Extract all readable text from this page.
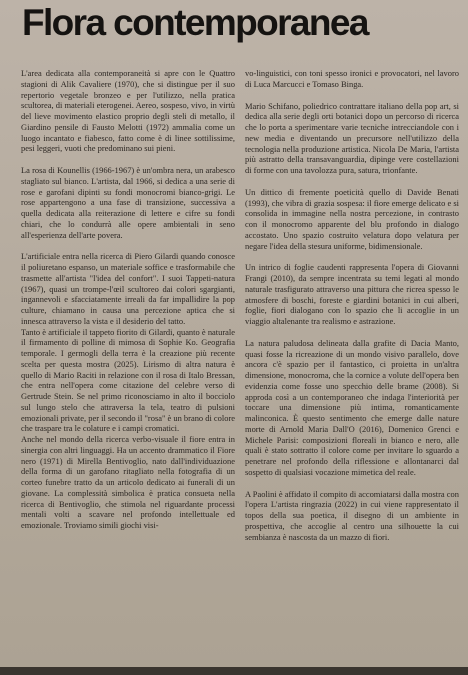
Flora contemporanea

L'area dedicata alla contemporaneità si apre con le Quattro stagioni di Alik Cavaliere (1970), che si distingue per il suo repertorio vegetale bronzeo e per l'utilizzo, nella pratica scultorea, di materiali eterogenei. Aereo, sospeso, vivo, in virtù del lieve movimento elastico proprio degli steli di metallo, il Giardino pensile di Fausto Melotti (1972) ammalia come un luogo incantato e fiabesco, fatto come è di linee sottilissime, pesi leggeri, vuoti che predominano sui pieni.

La rosa di Kounellis (1966-1967) è un'ombra nera, un arabesco stagliato sul bianco. L'artista, dal 1966, si dedica a una serie di rose e garofani dipinti su fondi monocromi bianco-grigi. Le rose appartengono a una fase di transizione, successiva a quella dedicata alla reiterazione di lettere e cifre su fondi chiari, che lo condurrà alle opere ambientali in seno all'esperienza dell'arte povera.

L'artificiale entra nella ricerca di Piero Gilardi quando conosce il poliuretano espanso, un materiale soffice e trasformabile che trasmette all'artista "l'idea del confort". I suoi Tappeti-natura (1967), quasi un trompe-l'œil scultoreo dai colori sgargianti, ingannevoli e sfacciatamente irreali da far impallidire la pop culture, chiamano in causa una percezione aptica che si innesca attraverso la vista e il desiderio del tatto.

Tanto è artificiale il tappeto fiorito di Gilardi, quanto è naturale il firmamento di polline di mimosa di Sophie Ko. Geografia temporale. I germogli della terra è la creazione più recente scelta per questa mostra (2025). Lirismo di altra natura è quello di Mario Raciti in relazione con il rosa di Italo Bressan, che entra nell'opera come citazione del celebre verso di Gertrude Stein. Se nel primo riconosciamo in alto il bocciolo sul lungo stelo che attraversa la tela, teatro di pulsioni emozionali private, per il secondo il "rosa" è un brano di colore che traspare tra le colature e i campi cromatici.

Anche nel mondo della ricerca verbo-visuale il fiore entra in sinergia con altri linguaggi. Ha un accento drammatico il Fiore nero (1971) di Mirella Bentivoglio, nato dall'individuazione della forma di un garofano ritagliato nella fotografia di un corteo funebre tratto da un articolo dedicato ai funerali di un giovane. La complessità simbolica è pratica consueta nella ricerca di Bentivoglio, che stimola nel riguardante processi mentali volti a scavare nel profondo intellettuale ed emozionale. Troviamo simili giochi visi-

vo-linguistici, con toni spesso ironici e provocatori, nel lavoro di Luca Marcucci e Tomaso Binga.

Mario Schifano, poliedrico contrattare italiano della pop art, si dedica alla serie degli orti botanici dopo un percorso di ricerca che lo porta a sperimentare varie tecniche intrecciandole con i new media e diventando un precursore nell'utilizzo della tecnologia nella produzione artistica. Nicola De Maria, l'artista più astratto della transavanguardia, dipinge vere costellazioni di forme con una tavolozza pura, satura, trionfante.

Un dittico di fremente poeticità quello di Davide Benati (1993), che vibra di grazia sospesa: il fiore emerge delicato e si consolida in immagine nella nostra percezione, in contrasto con il monocromo apparente del blu profondo in dialogo accostato. Uno spazio costruito velatura dopo velatura per negare l'idea della stesura uniforme, bidimensionale.

Un intrico di foglie caudenti rappresenta l'opera di Giovanni Frangi (2010), da sempre incentrata su temi legati al mondo naturale trasfigurato attraverso una pittura che ricrea spesso le atmosfere di boschi, foreste e giardini botanici in cui alberi, foglie, fiori dialogano con lo spazio che li accoglie in un viaggio altalenante tra realismo e astrazione.

La natura paludosa delineata dalla grafite di Dacia Manto, quasi fosse la ricreazione di un mondo visivo parallelo, dove ancora c'è spazio per il fantastico, ci proietta in un'altra dimensione, monocroma, che la cornice a volute dell'opera ben evidenzia come fosse uno specchio delle brame (2008). Si approda così a un contemporaneo che indaga l'interiorità per toccare una dimensione più intima, romanticamente malinconica. È questo sentimento che emerge dalle nature morte di Arnold Maria Dall'O (2016), Domenico Grenci e Michele Parisi: composizioni floreali in bianco e nero, alle quali è stato sottratto il colore come per invitare lo sguardo a penetrare nel profondo della riflessione e allontanarci dal sospetto di qualsiasi vocazione mimetica del reale.

A Paolini è affidato il compito di accomiatarsi dalla mostra con l'opera L'artista ringrazia (2022) in cui viene rappresentato il topos della sua poetica, il disegno di un ambiente in prospettiva, che accoglie al centro una silhouette la cui sembianza è nascosta da un mazzo di fiori.
